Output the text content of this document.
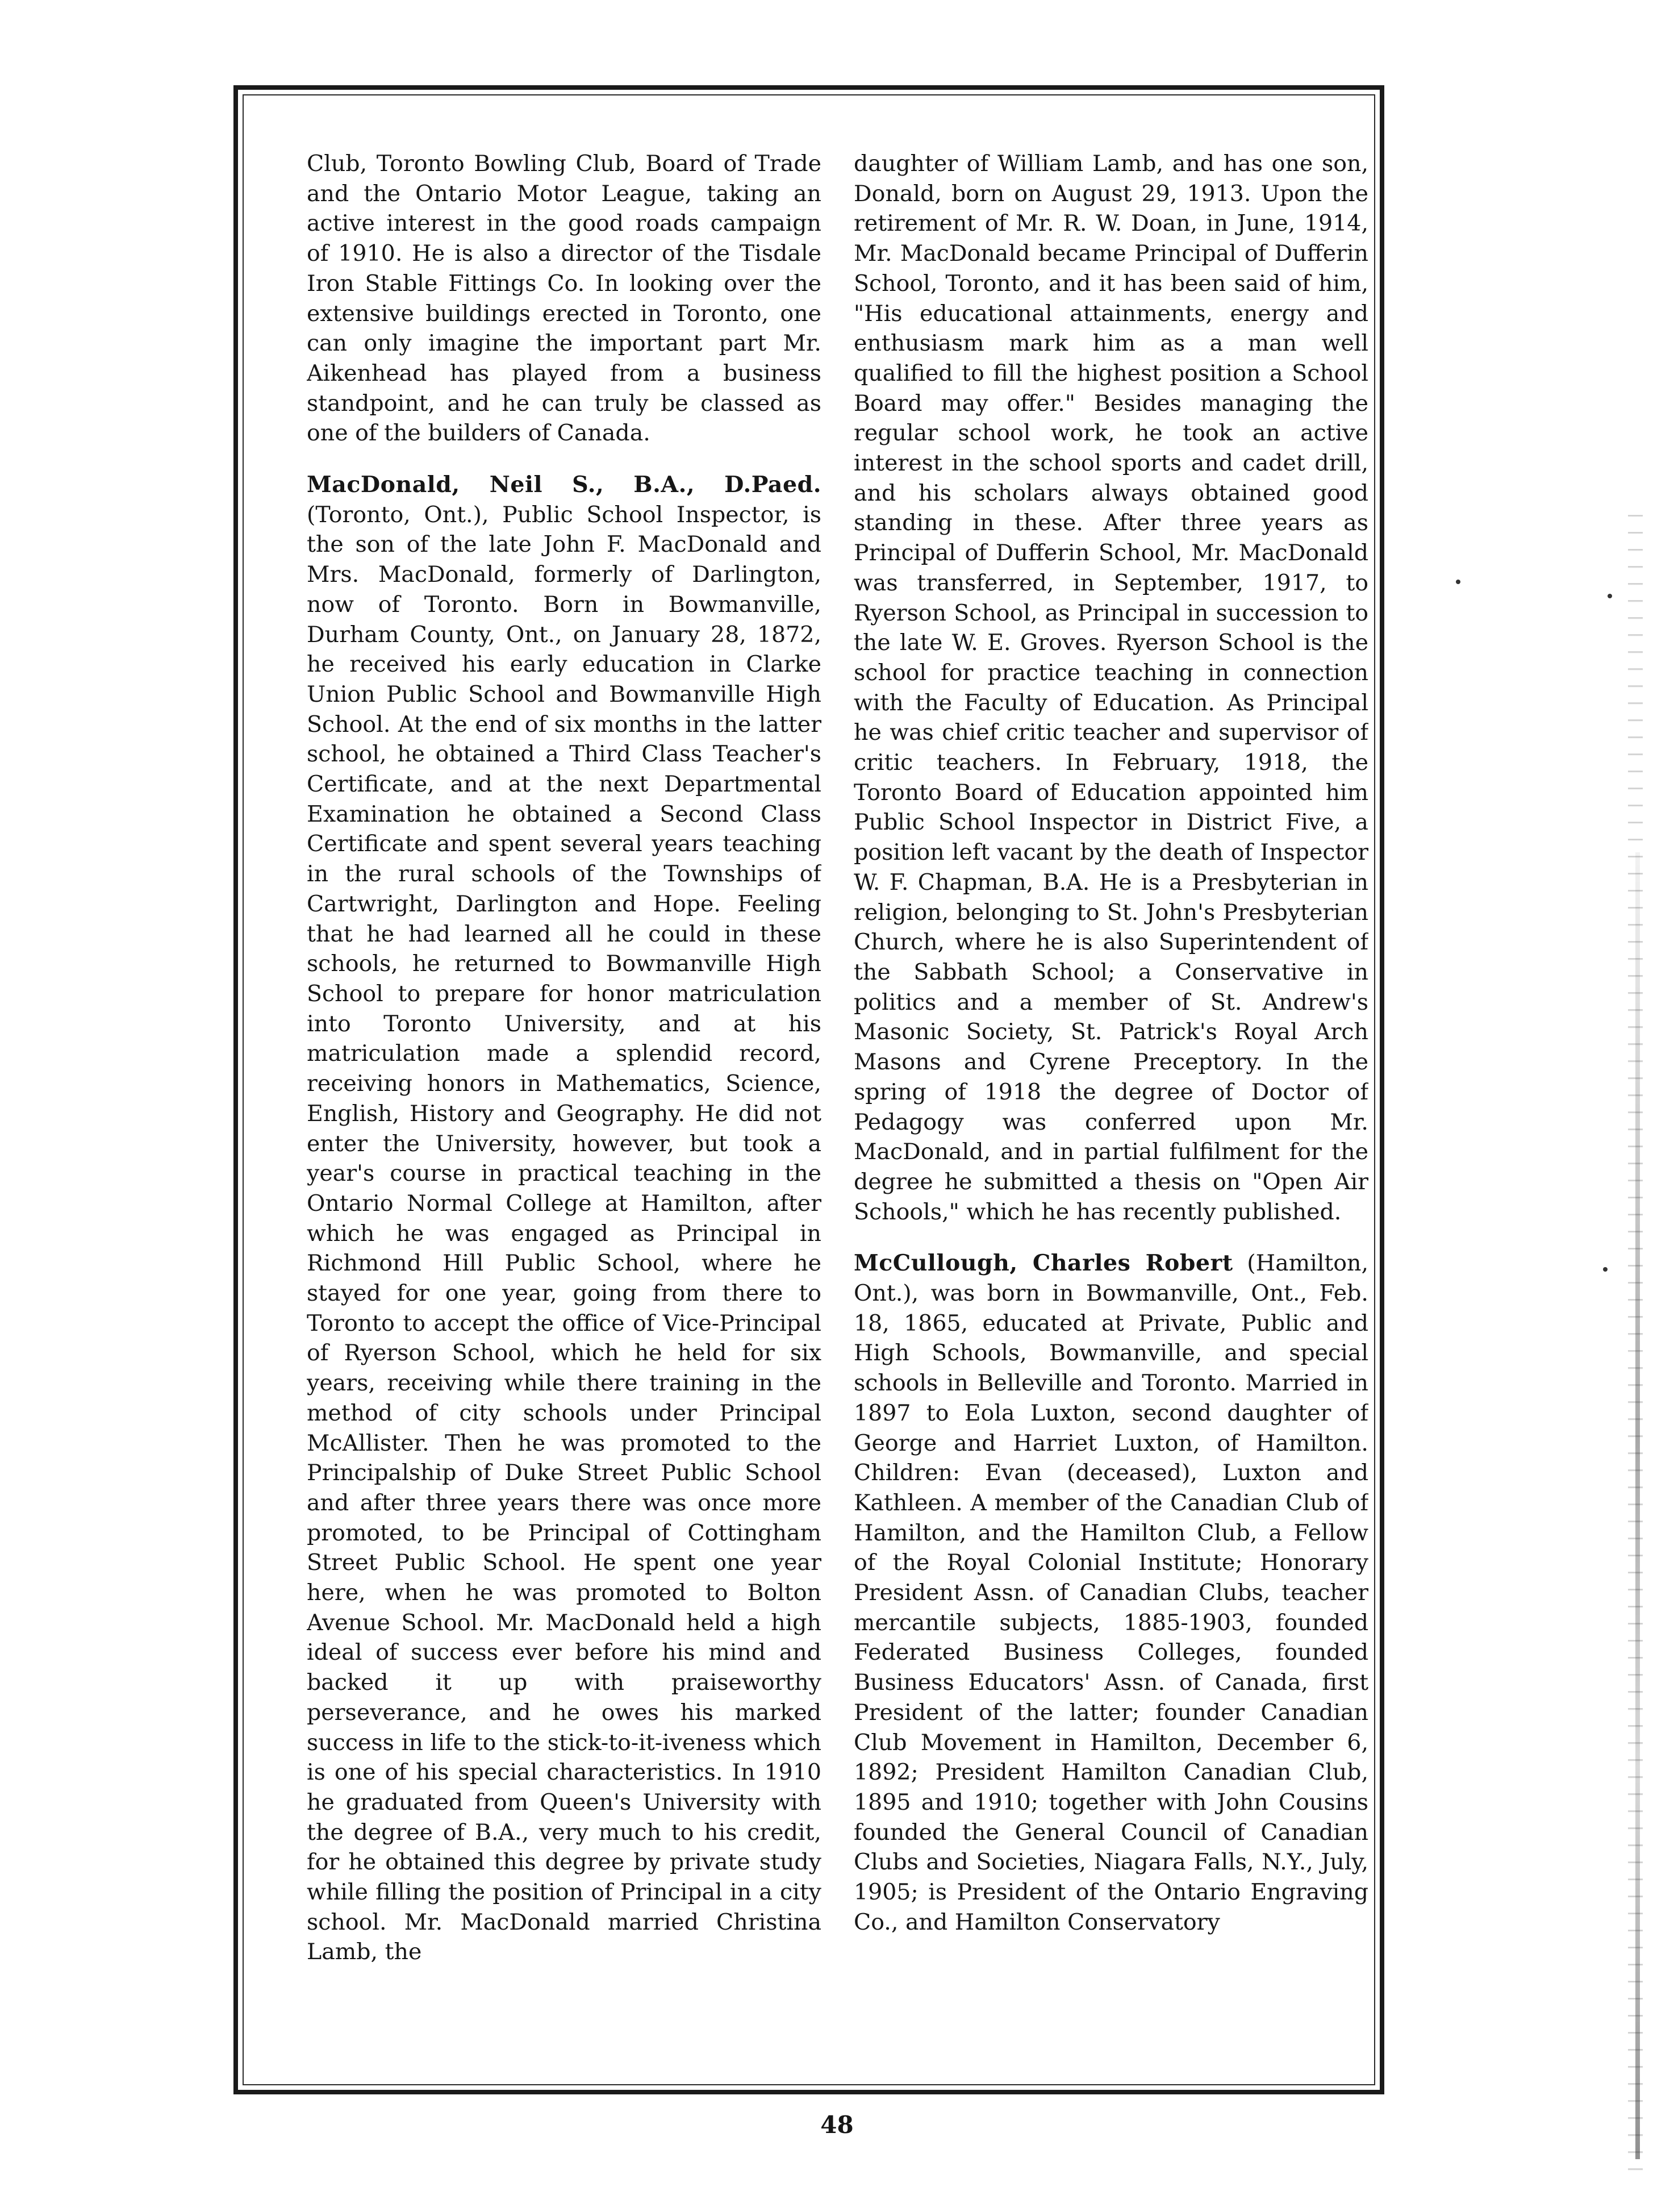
Club, Toronto Bowling Club, Board of Trade and the Ontario Motor League, taking an active interest in the good roads campaign of 1910. He is also a director of the Tisdale Iron Stable Fittings Co. In looking over the extensive buildings erected in Toronto, one can only imagine the important part Mr. Aikenhead has played from a business standpoint, and he can truly be classed as one of the builders of Canada.

MacDonald, Neil S., B.A., D.Paed. (Toronto, Ont.), Public School Inspector, is the son of the late John F. MacDonald and Mrs. MacDonald, formerly of Darlington, now of Toronto. Born in Bowmanville, Durham County, Ont., on January 28, 1872, he received his early education in Clarke Union Public School and Bowmanville High School. At the end of six months in the latter school, he obtained a Third Class Teacher's Certificate, and at the next Departmental Examination he obtained a Second Class Certificate and spent several years teaching in the rural schools of the Townships of Cartwright, Darlington and Hope. Feeling that he had learned all he could in these schools, he returned to Bowmanville High School to prepare for honor matriculation into Toronto University, and at his matriculation made a splendid record, receiving honors in Mathematics, Science, English, History and Geography. He did not enter the University, however, but took a year's course in practical teaching in the Ontario Normal College at Hamilton, after which he was engaged as Principal in Richmond Hill Public School, where he stayed for one year, going from there to Toronto to accept the office of Vice-Principal of Ryerson School, which he held for six years, receiving while there training in the method of city schools under Principal McAllister. Then he was promoted to the Principalship of Duke Street Public School and after three years there was once more promoted, to be Principal of Cottingham Street Public School. He spent one year here, when he was promoted to Bolton Avenue School. Mr. MacDonald held a high ideal of success ever before his mind and backed it up with praiseworthy perseverance, and he owes his marked success in life to the stick-to-it-iveness which is one of his special characteristics. In 1910 he graduated from Queen's University with the degree of B.A., very much to his credit, for he obtained this degree by private study while filling the position of Principal in a city school. Mr. MacDonald married Christina Lamb, the

daughter of William Lamb, and has one son, Donald, born on August 29, 1913. Upon the retirement of Mr. R. W. Doan, in June, 1914, Mr. MacDonald became Principal of Dufferin School, Toronto, and it has been said of him, "His educational attainments, energy and enthusiasm mark him as a man well qualified to fill the highest position a School Board may offer." Besides managing the regular school work, he took an active interest in the school sports and cadet drill, and his scholars always obtained good standing in these. After three years as Principal of Dufferin School, Mr. MacDonald was transferred, in September, 1917, to Ryerson School, as Principal in succession to the late W. E. Groves. Ryerson School is the school for practice teaching in connection with the Faculty of Education. As Principal he was chief critic teacher and supervisor of critic teachers. In February, 1918, the Toronto Board of Education appointed him Public School Inspector in District Five, a position left vacant by the death of Inspector W. F. Chapman, B.A. He is a Presbyterian in religion, belonging to St. John's Presbyterian Church, where he is also Superintendent of the Sabbath School; a Conservative in politics and a member of St. Andrew's Masonic Society, St. Patrick's Royal Arch Masons and Cyrene Preceptory. In the spring of 1918 the degree of Doctor of Pedagogy was conferred upon Mr. MacDonald, and in partial fulfilment for the degree he submitted a thesis on "Open Air Schools," which he has recently published.

McCullough, Charles Robert (Hamilton, Ont.), was born in Bowmanville, Ont., Feb. 18, 1865, educated at Private, Public and High Schools, Bowmanville, and special schools in Belleville and Toronto. Married in 1897 to Eola Luxton, second daughter of George and Harriet Luxton, of Hamilton. Children: Evan (deceased), Luxton and Kathleen. A member of the Canadian Club of Hamilton, and the Hamilton Club, a Fellow of the Royal Colonial Institute; Honorary President Assn. of Canadian Clubs, teacher mercantile subjects, 1885-1903, founded Federated Business Colleges, founded Business Educators' Assn. of Canada, first President of the latter; founder Canadian Club Movement in Hamilton, December 6, 1892; President Hamilton Canadian Club, 1895 and 1910; together with John Cousins founded the General Council of Canadian Clubs and Societies, Niagara Falls, N.Y., July, 1905; is President of the Ontario Engraving Co., and Hamilton Conservatory

48
